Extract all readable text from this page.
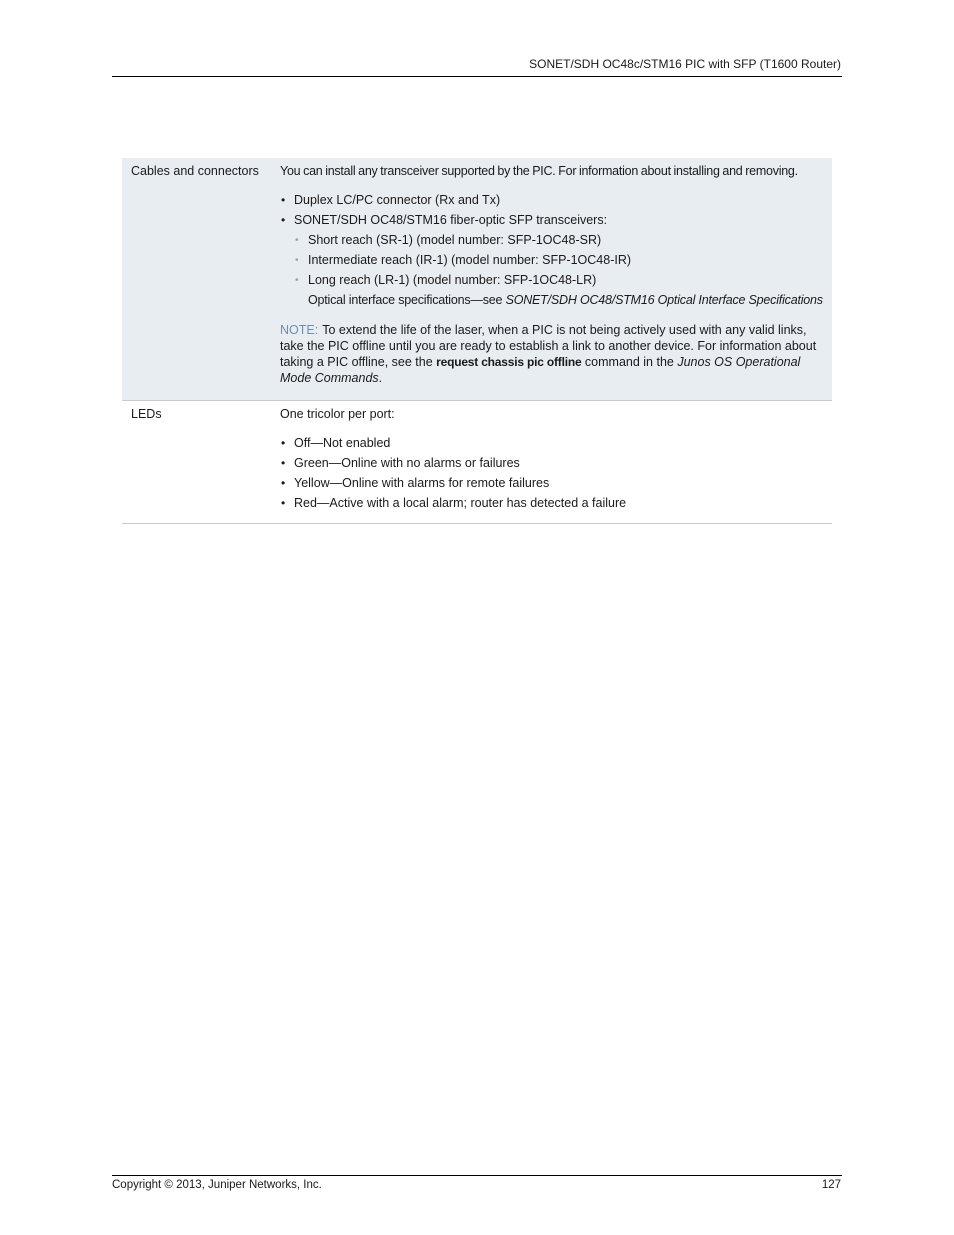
SONET/SDH OC48c/STM16 PIC with SFP (T1600 Router)
Cables and connectors	You can install any transceiver supported by the PIC. For information about installing and removing.

• Duplex LC/PC connector (Rx and Tx)
• SONET/SDH OC48/STM16 fiber-optic SFP transceivers:
• Short reach (SR-1) (model number: SFP-1OC48-SR)
• Intermediate reach (IR-1) (model number: SFP-1OC48-IR)
• Long reach (LR-1) (model number: SFP-1OC48-LR)

Optical interface specifications—see SONET/SDH OC48/STM16 Optical Interface Specifications

NOTE: To extend the life of the laser, when a PIC is not being actively used with any valid links, take the PIC offline until you are ready to establish a link to another device. For information about taking a PIC offline, see the request chassis pic offline command in the Junos OS Operational Mode Commands.

LEDs	One tricolor per port:

• Off—Not enabled
• Green—Online with no alarms or failures
• Yellow—Online with alarms for remote failures
• Red—Active with a local alarm; router has detected a failure
Copyright © 2013, Juniper Networks, Inc.	127
